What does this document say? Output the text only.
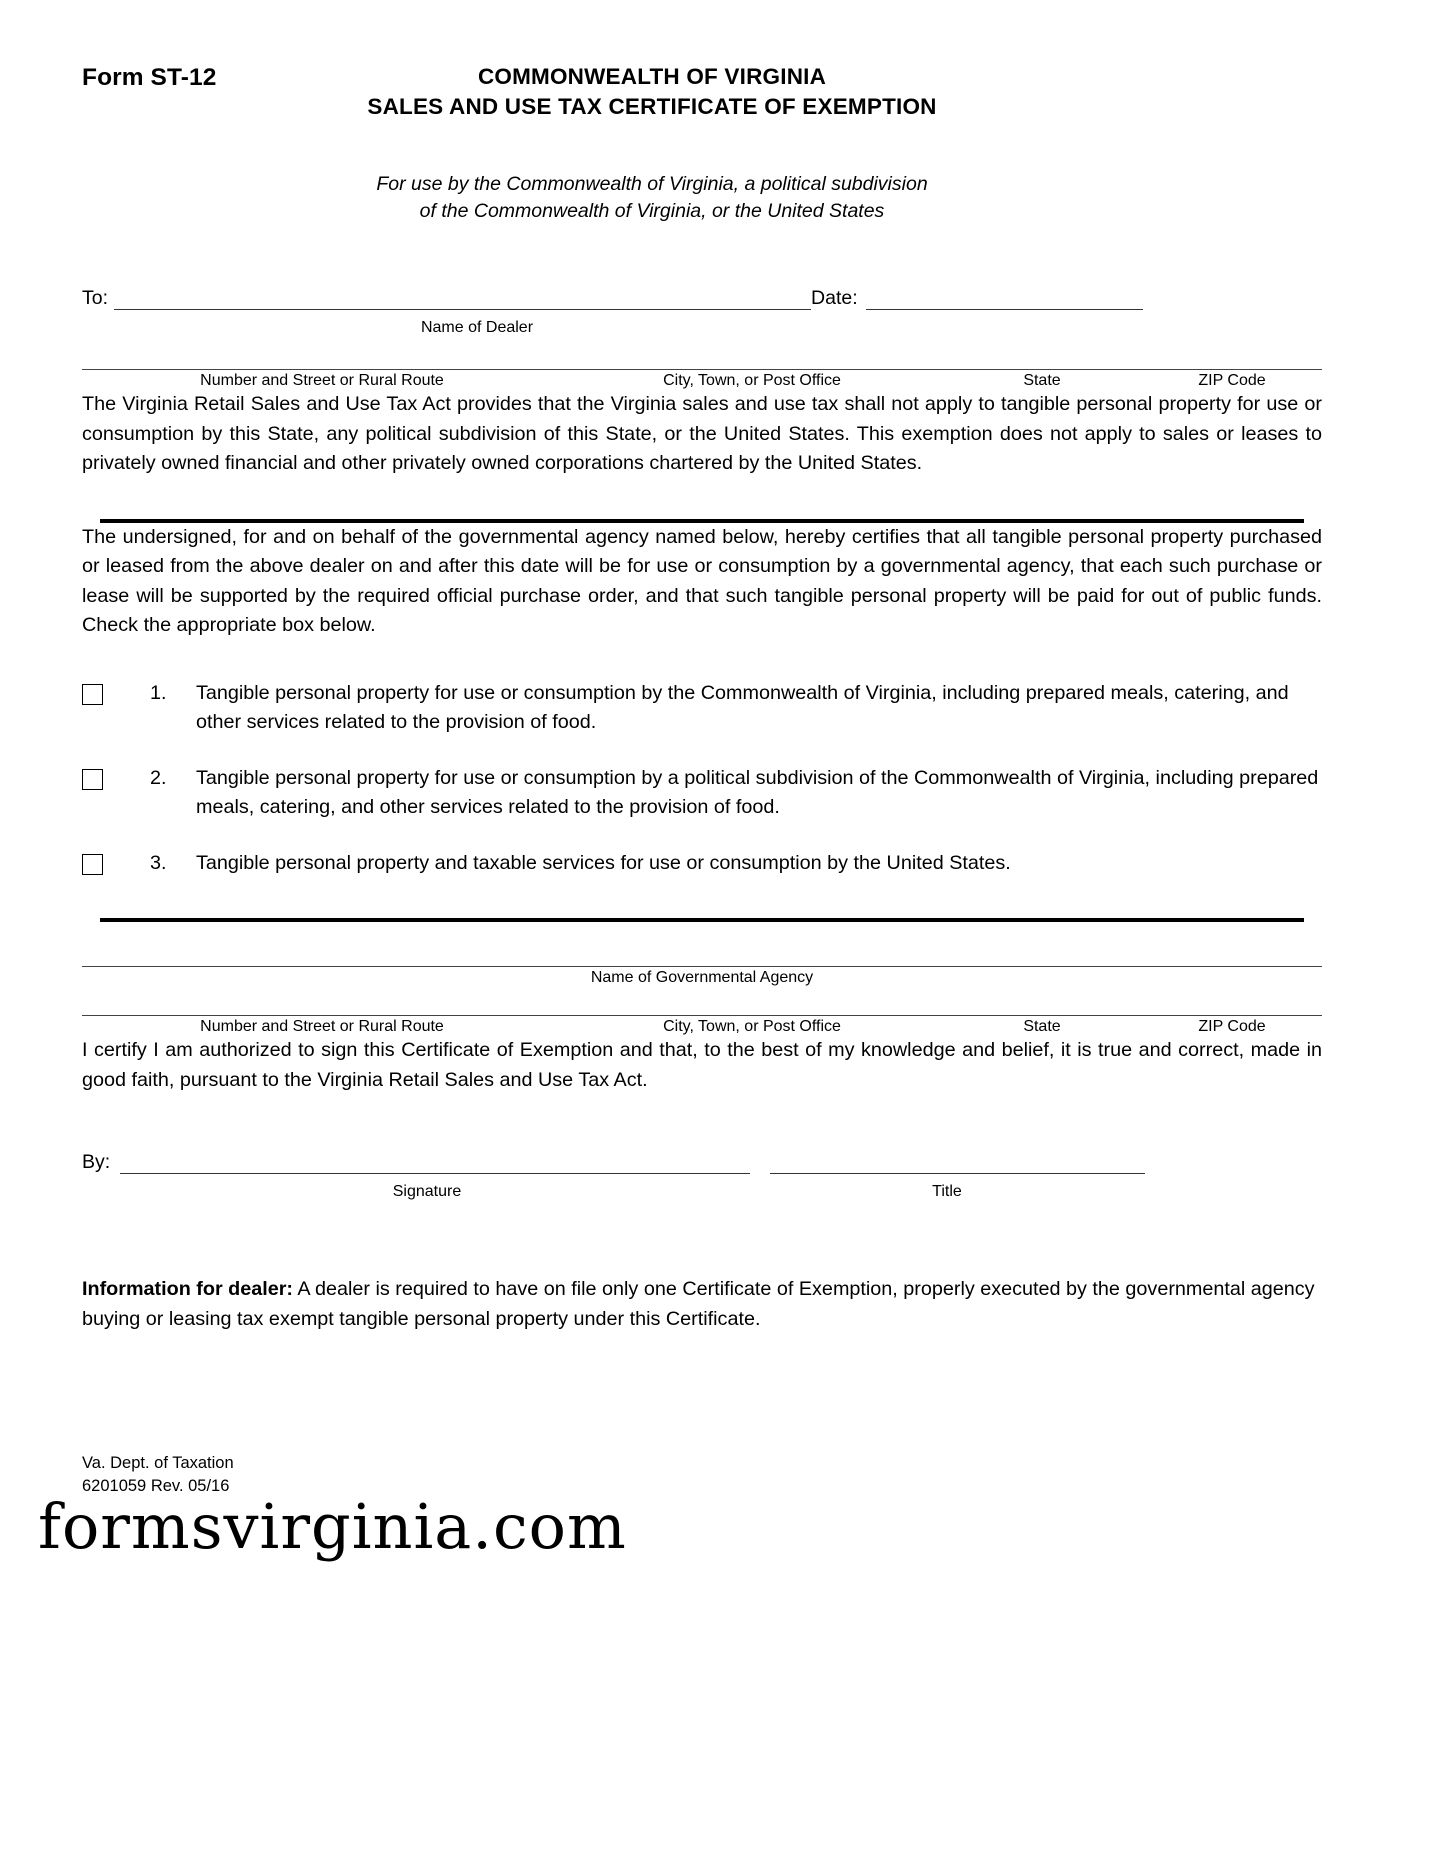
Form ST-12	COMMONWEALTH OF VIRGINIA
SALES AND USE TAX CERTIFICATE OF EXEMPTION
For use by the Commonwealth of Virginia, a political subdivision
of the Commonwealth of Virginia, or the United States
To:	Date:
Name of Dealer
Number and Street or Rural Route	City, Town, or Post Office	State	ZIP Code

The Virginia Retail Sales and Use Tax Act provides that the Virginia sales and use tax shall not apply to tangible personal property for use or consumption by this State, any political subdivision of this State, or the United States. This exemption does not apply to sales or leases to privately owned financial and other privately owned corporations chartered by the United States.

The undersigned, for and on behalf of the governmental agency named below, hereby certifies that all tangible personal property purchased or leased from the above dealer on and after this date will be for use or consumption by a governmental agency, that each such purchase or lease will be supported by the required official purchase order, and that such tangible personal property will be paid for out of public funds. Check the appropriate box below.

1.	Tangible personal property for use or consumption by the Commonwealth of Virginia, including prepared meals, catering, and other services related to the provision of food.
2.	Tangible personal property for use or consumption by a political subdivision of the Commonwealth of Virginia, including prepared meals, catering, and other services related to the provision of food.
3.	Tangible personal property and taxable services for use or consumption by the United States.
Name of Governmental Agency
Number and Street or Rural Route	City, Town, or Post Office	State	ZIP Code

I certify I am authorized to sign this Certificate of Exemption and that, to the best of my knowledge and belief, it is true and correct, made in good faith, pursuant to the Virginia Retail Sales and Use Tax Act.

By:
Signature	Title
Information for dealer: A dealer is required to have on file only one Certificate of Exemption, properly executed by the governmental agency buying or leasing tax exempt tangible personal property under this Certificate.
Va. Dept. of Taxation
6201059 Rev. 05/16
formsvirginia.com
